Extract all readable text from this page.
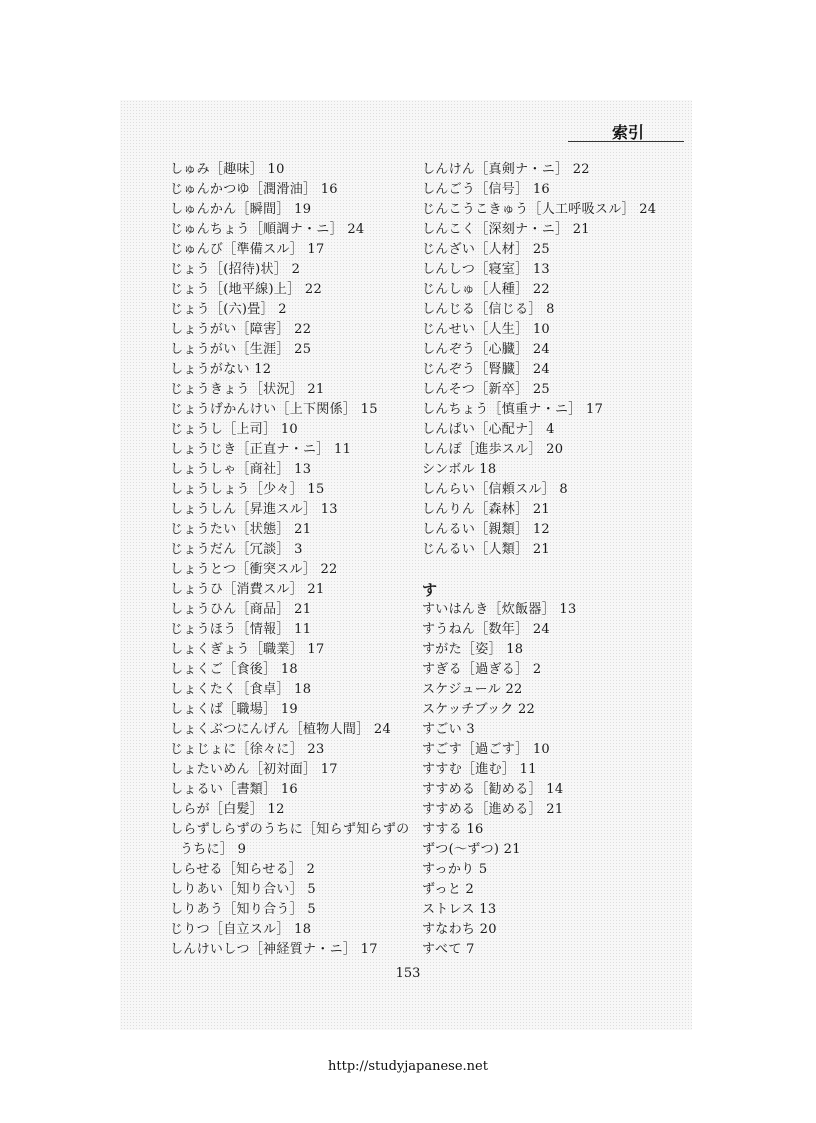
索引
しゅみ［趣味］ 10
じゅんかつゆ［潤滑油］ 16
しゅんかん［瞬間］ 19
じゅんちょう［順調ナ・ニ］ 24
じゅんび［準備スル］ 17
じょう［(招待)状］ 2
じょう［(地平線)上］ 22
じょう［(六)畳］ 2
しょうがい［障害］ 22
しょうがい［生涯］ 25
しょうがない 12
じょうきょう［状況］ 21
じょうげかんけい［上下関係］ 15
じょうし［上司］ 10
しょうじき［正直ナ・ニ］ 11
しょうしゃ［商社］ 13
しょうしょう［少々］ 15
しょうしん［昇進スル］ 13
じょうたい［状態］ 21
じょうだん［冗談］ 3
しょうとつ［衝突スル］ 22
しょうひ［消費スル］ 21
しょうひん［商品］ 21
じょうほう［情報］ 11
しょくぎょう［職業］ 17
しょくご［食後］ 18
しょくたく［食卓］ 18
しょくば［職場］ 19
しょくぶつにんげん［植物人間］ 24
じょじょに［徐々に］ 23
しょたいめん［初対面］ 17
しょるい［書類］ 16
しらが［白髪］ 12
しらずしらずのうちに［知らず知らずの
うちに］ 9
しらせる［知らせる］ 2
しりあい［知り合い］ 5
しりあう［知り合う］ 5
じりつ［自立スル］ 18
しんけいしつ［神経質ナ・ニ］ 17
しんけん［真剣ナ・ニ］ 22
しんごう［信号］ 16
じんこうこきゅう［人工呼吸スル］ 24
しんこく［深刻ナ・ニ］ 21
じんざい［人材］ 25
しんしつ［寝室］ 13
じんしゅ［人種］ 22
しんじる［信じる］ 8
じんせい［人生］ 10
しんぞう［心臓］ 24
じんぞう［腎臓］ 24
しんそつ［新卒］ 25
しんちょう［慎重ナ・ニ］ 17
しんぱい［心配ナ］ 4
しんぽ［進歩スル］ 20
シンボル 18
しんらい［信頼スル］ 8
しんりん［森林］ 21
しんるい［親類］ 12
じんるい［人類］ 21
す
すいはんき［炊飯器］ 13
すうねん［数年］ 24
すがた［姿］ 18
すぎる［過ぎる］ 2
スケジュール 22
スケッチブック 22
すごい 3
すごす［過ごす］ 10
すすむ［進む］ 11
すすめる［勧める］ 14
すすめる［進める］ 21
すする 16
ずつ(〜ずつ) 21
すっかり 5
ずっと 2
ストレス 13
すなわち 20
すべて 7
153
http://studyjapanese.net
